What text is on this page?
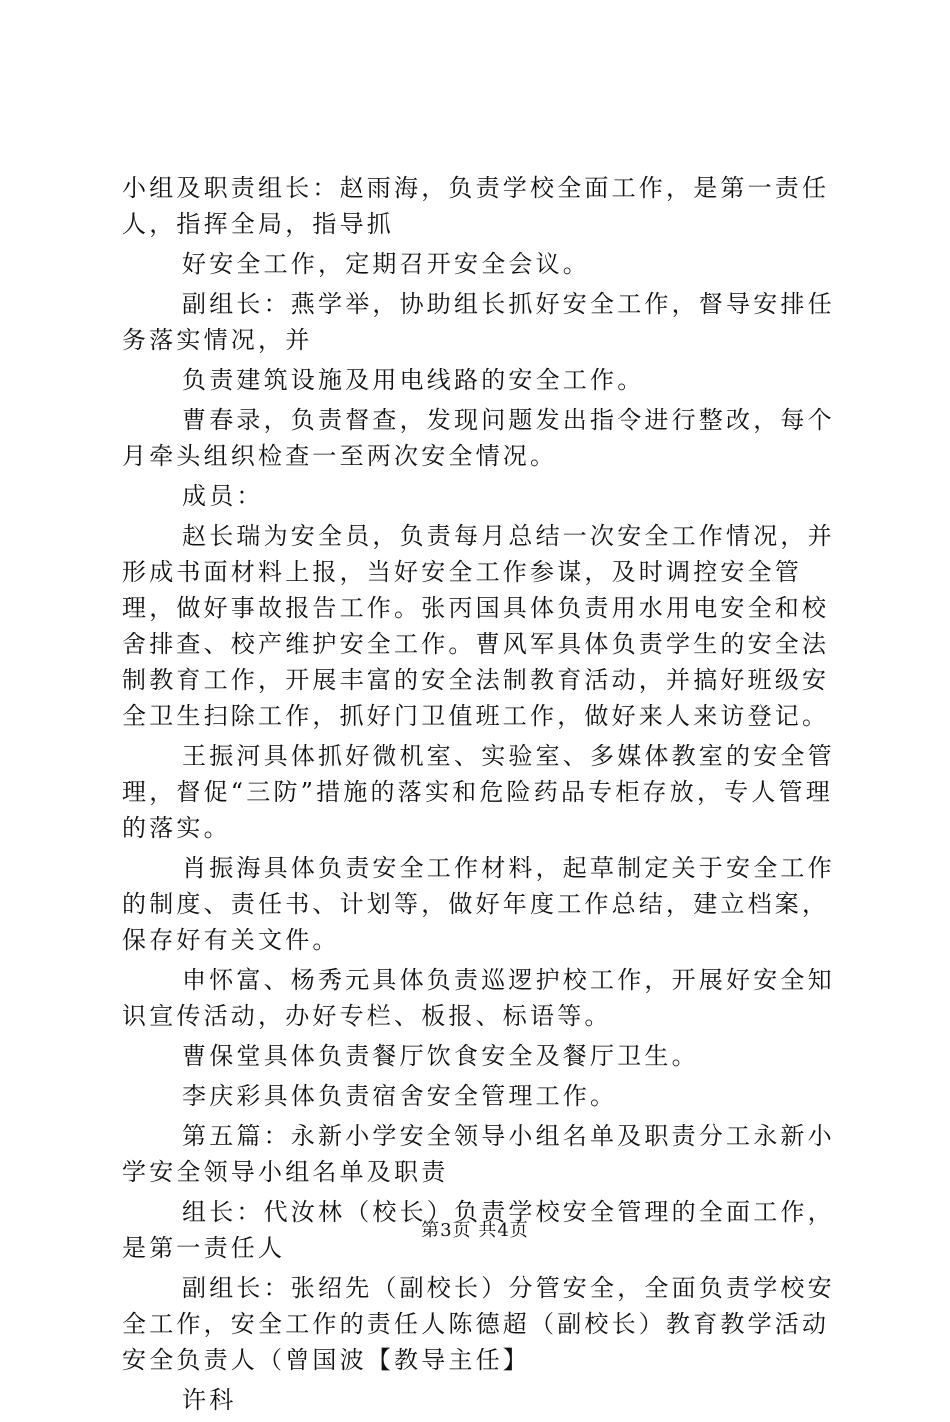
小组及职责组长：赵雨海，负责学校全面工作，是第一责任人，指挥全局，指导抓

好安全工作，定期召开安全会议。

副组长：燕学举，协助组长抓好安全工作，督导安排任务落实情况，并

负责建筑设施及用电线路的安全工作。

曹春录，负责督查，发现问题发出指令进行整改，每个月牵头组织检查一至两次安全情况。

成员：

赵长瑞为安全员，负责每月总结一次安全工作情况，并形成书面材料上报，当好安全工作参谋，及时调控安全管理，做好事故报告工作。张丙国具体负责用水用电安全和校舍排查、校产维护安全工作。曹风军具体负责学生的安全法制教育工作，开展丰富的安全法制教育活动，并搞好班级安全卫生扫除工作，抓好门卫值班工作，做好来人来访登记。

王振河具体抓好微机室、实验室、多媒体教室的安全管理，督促“三防”措施的落实和危险药品专柜存放，专人管理的落实。

肖振海具体负责安全工作材料，起草制定关于安全工作的制度、责任书、计划等，做好年度工作总结，建立档案，保存好有关文件。

申怀富、杨秀元具体负责巡逻护校工作，开展好安全知识宣传活动，办好专栏、板报、标语等。

曹保堂具体负责餐厅饮食安全及餐厅卫生。

李庆彩具体负责宿舍安全管理工作。

第五篇：永新小学安全领导小组名单及职责分工永新小学安全领导小组名单及职责

组长：代汝林（校长）负责学校安全管理的全面工作，是第一责任人

副组长：张绍先（副校长）分管安全，全面负责学校安全工作，安全工作的责任人陈德超（副校长）教育教学活动安全负责人（曾国波【教导主任】

许科

第3页 共4页
